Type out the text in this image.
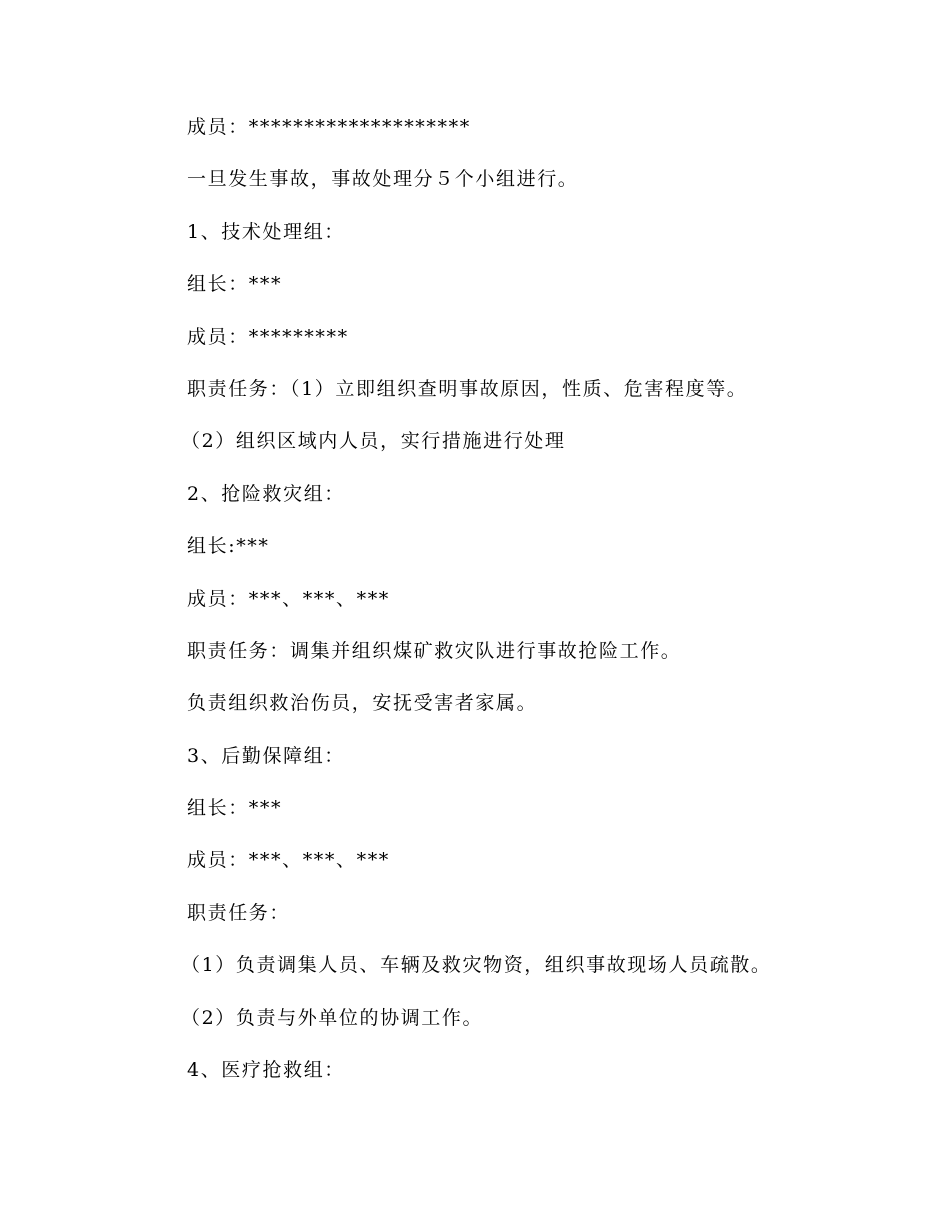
成员：********************
一旦发生事故，事故处理分５个小组进行。
1、技术处理组：
组长：***
成员：*********
职责任务：（1）立即组织查明事故原因，性质、危害程度等。
（2）组织区域内人员，实行措施进行处理
2、抢险救灾组：
组长:***
成员：***、***、***
职责任务：调集并组织煤矿救灾队进行事故抢险工作。
负责组织救治伤员，安抚受害者家属。
3、后勤保障组：
组长：***
成员：***、***、***
职责任务：
（1）负责调集人员、车辆及救灾物资，组织事故现场人员疏散。
（2）负责与外单位的协调工作。
4、医疗抢救组：
